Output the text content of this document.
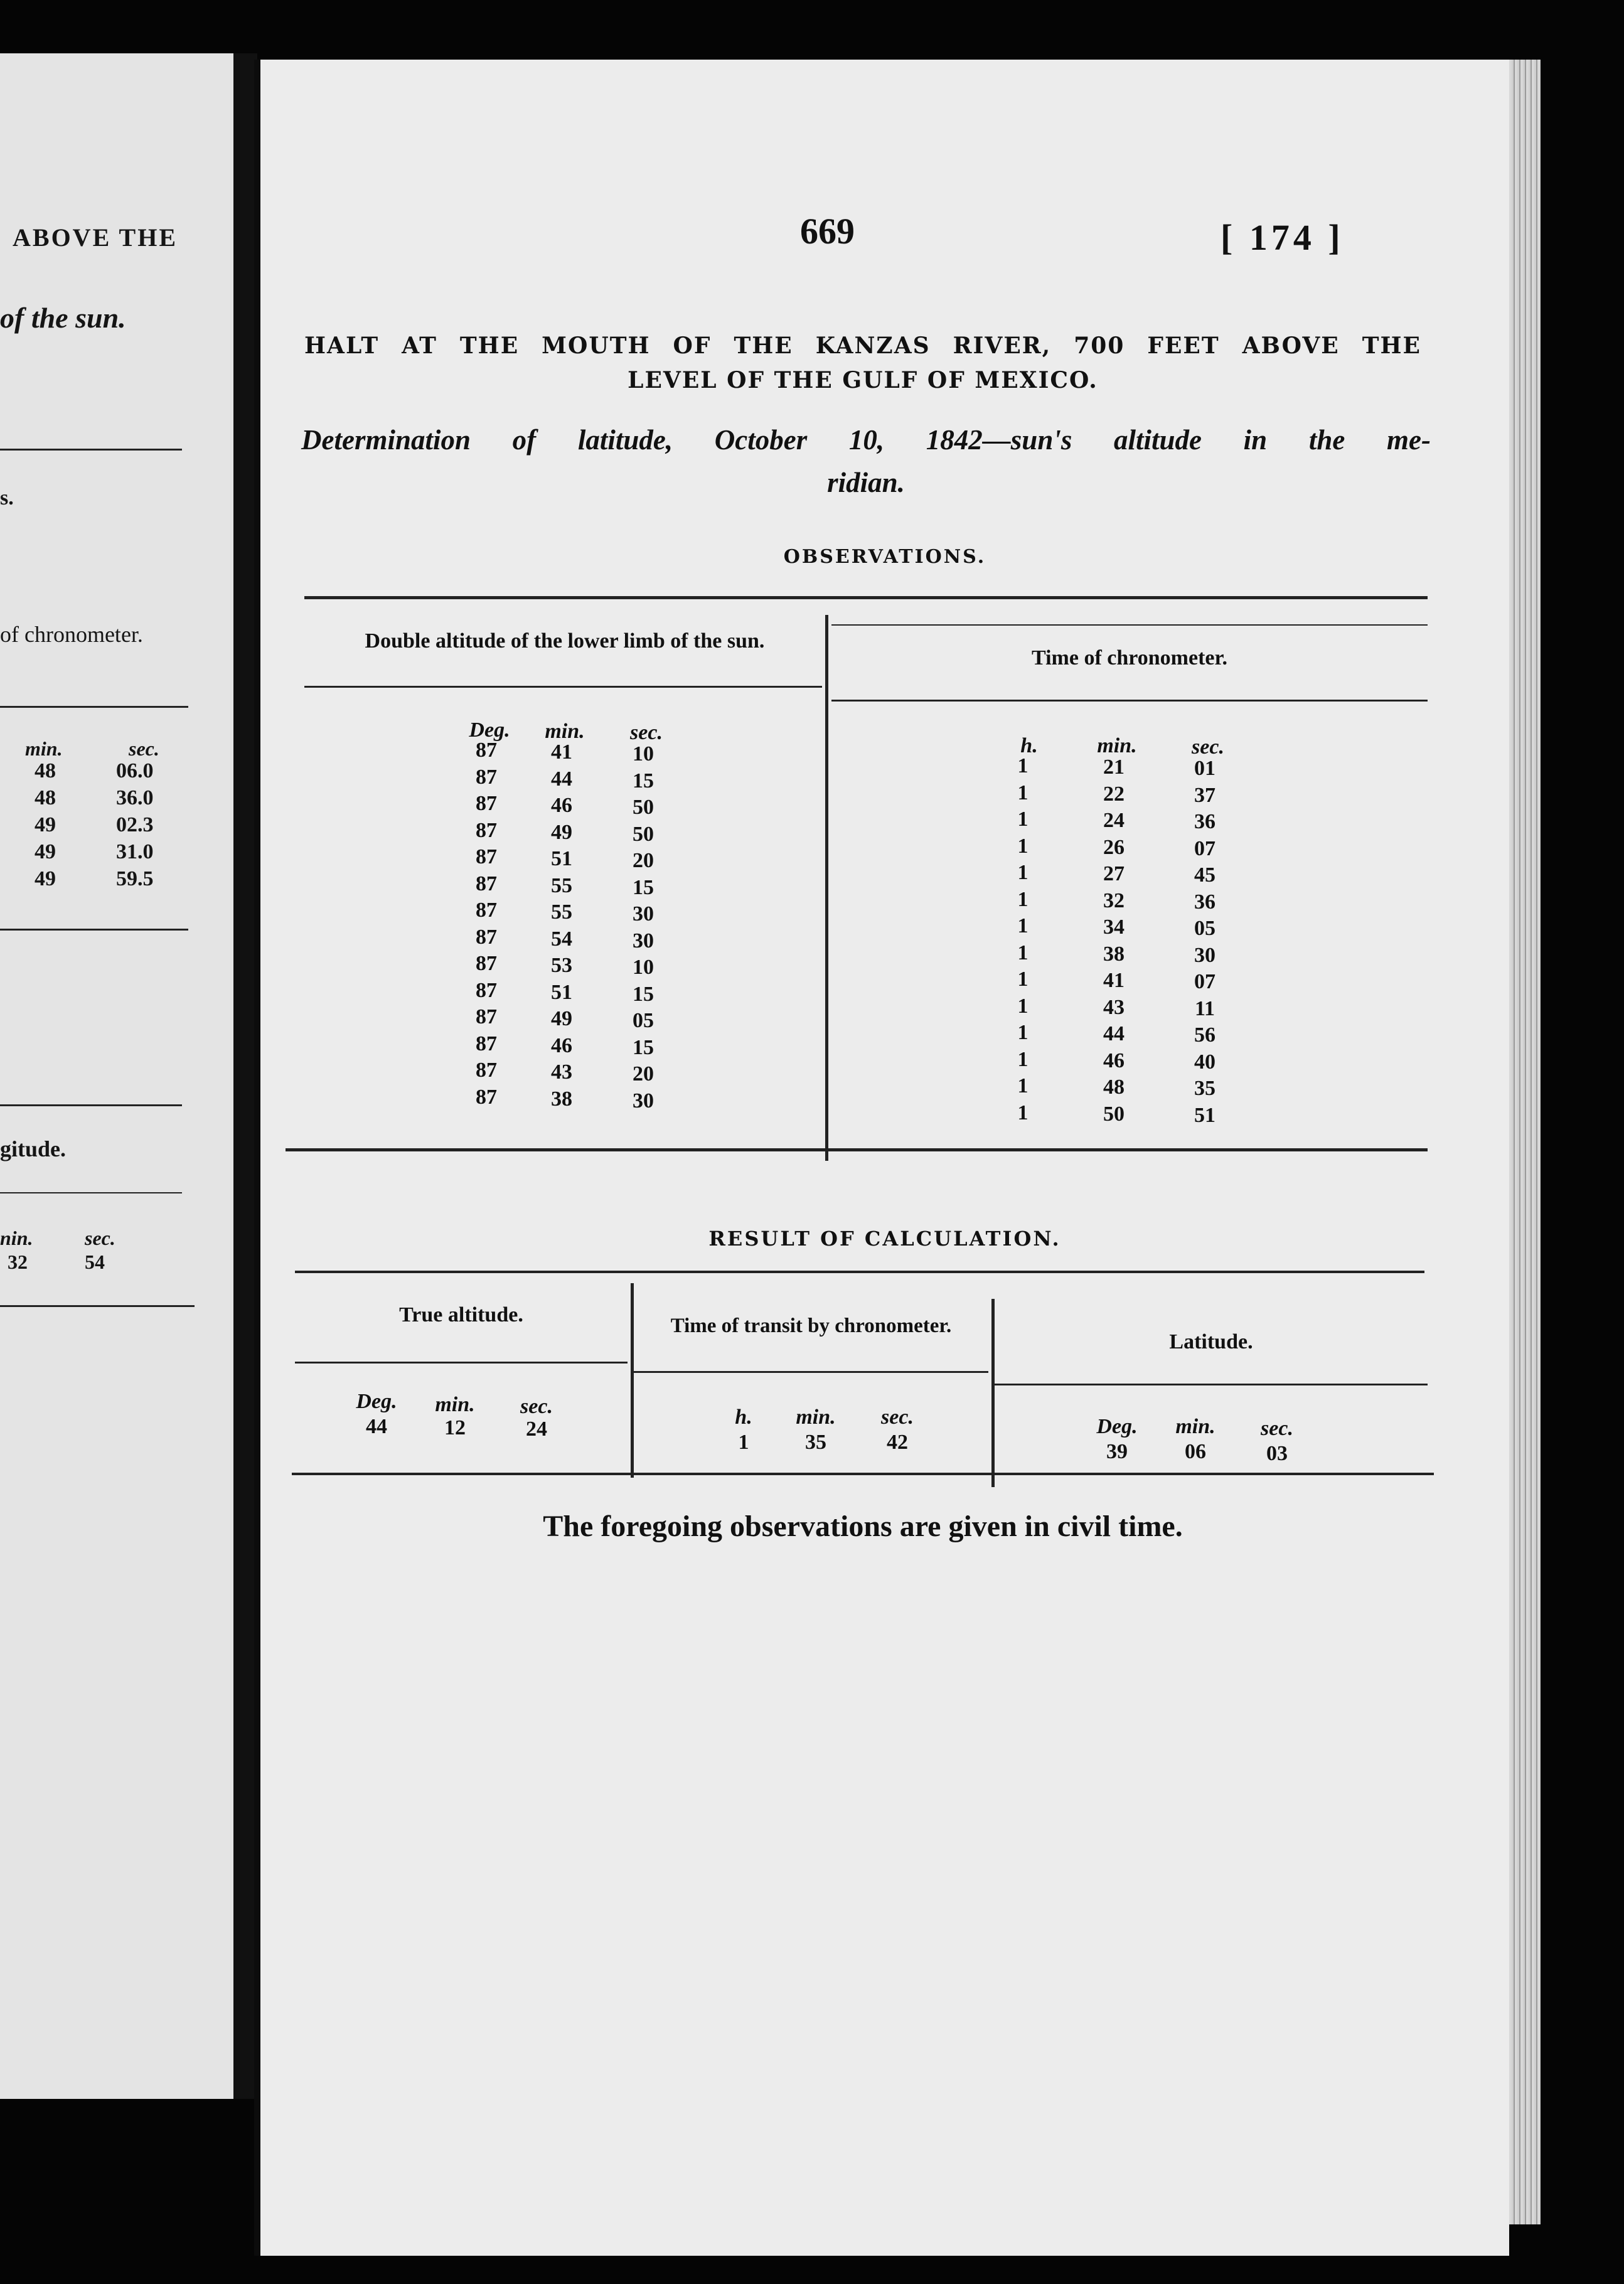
ABOVE THE
of the sun.
s.
of chronometer.
min.	sec.
48	06.0
48	36.0
49	02.3
49	31.0
49	59.5
gitude.
nin.	sec.
32	54
669	[ 174 ]
HALT AT THE MOUTH OF THE KANZAS RIVER, 700 FEET ABOVE THE
LEVEL OF THE GULF OF MEXICO.
Determination of latitude, October 10, 1842—sun's altitude in the me-
ridian.
OBSERVATIONS.
Double altitude of the lower limb of the sun.
Time of chronometer.
Deg.	min.	sec.
h.	min.	sec.
87	41	10
87	44	15
87	46	50
87	49	50
87	51	20
87	55	15
87	55	30
87	54	30
87	53	10
87	51	15
87	49	05
87	46	15
87	43	20
87	38	30
1	21	01
1	22	37
1	24	36
1	26	07
1	27	45
1	32	36
1	34	05
1	38	30
1	41	07
1	43	11
1	44	56
1	46	40
1	48	35
1	50	51
RESULT OF CALCULATION.
True altitude.	Time of transit by chronometer.
Latitude.
Deg.	min.	sec.
44	12	24
h.	min.	sec.
1	35	42
Deg.	min.	sec.
39	06	03
The foregoing observations are given in civil time.
